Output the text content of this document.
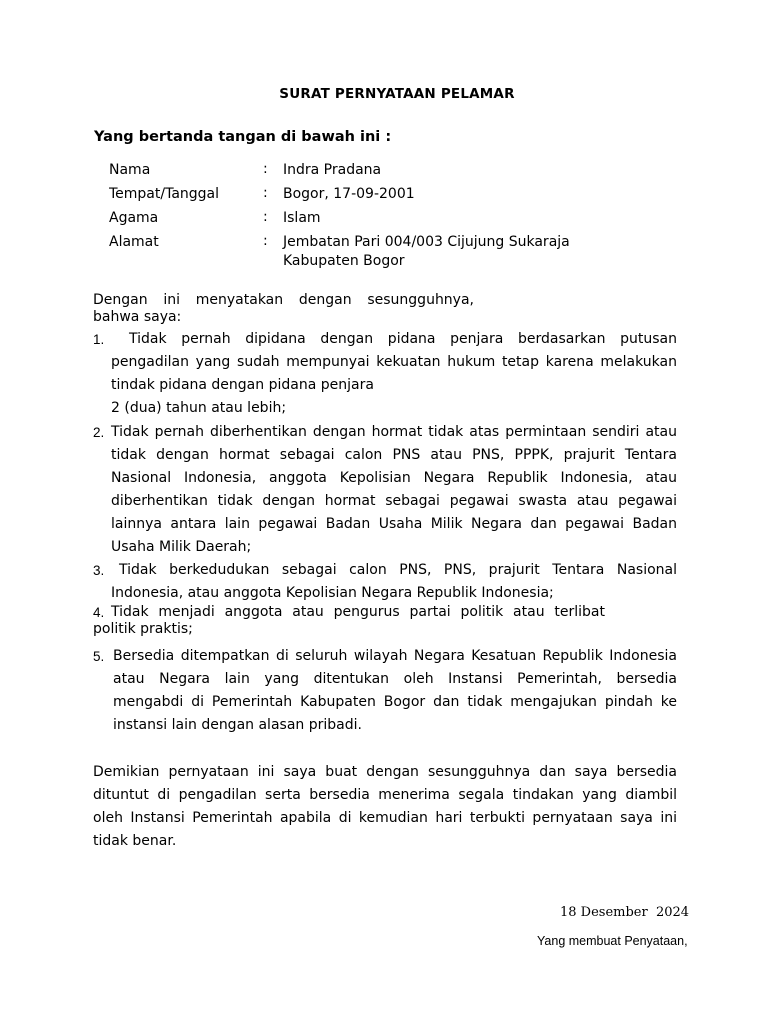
SURAT PERNYATAAN PELAMAR
Yang bertanda tangan di bawah ini :
Nama	: Indra Pradana
Tempat/Tanggal	: Bogor, 17-09-2001
Agama	: Islam
Alamat	: Jembatan Pari 004/003 Cijujung Sukaraja Kabupaten Bogor
Dengan ini menyatakan dengan sesungguhnya,
bahwa saya:
1. Tidak pernah dipidana dengan pidana penjara berdasarkan putusan
pengadilan yang sudah mempunyai kekuatan hukum tetap karena melakukan
tindak pidana dengan pidana penjara
2 (dua) tahun atau lebih;
2. Tidak pernah diberhentikan dengan hormat tidak atas permintaan sendiri atau
tidak dengan hormat sebagai calon PNS atau PNS, PPPK, prajurit Tentara
Nasional Indonesia, anggota Kepolisian Negara Republik Indonesia, atau
diberhentikan tidak dengan hormat sebagai pegawai swasta atau pegawai
lainnya antara lain pegawai Badan Usaha Milik Negara dan pegawai Badan
Usaha Milik Daerah;
3. Tidak berkedudukan sebagai calon PNS, PNS, prajurit Tentara Nasional
Indonesia, atau anggota Kepolisian Negara Republik Indonesia;
4. Tidak menjadi anggota atau pengurus partai politik atau terlibat
politik praktis;
5. Bersedia ditempatkan di seluruh wilayah Negara Kesatuan Republik Indonesia
atau Negara lain yang ditentukan oleh Instansi Pemerintah, bersedia
mengabdi di Pemerintah Kabupaten Bogor dan tidak mengajukan pindah ke
instansi lain dengan alasan pribadi.
Demikian pernyataan ini saya buat dengan sesungguhnya dan saya bersedia
dituntut di pengadilan serta bersedia menerima segala tindakan yang diambil
oleh Instansi Pemerintah apabila di kemudian hari terbukti pernyataan saya ini
tidak benar.
18 Desember  2024
Yang membuat Penyataan,
